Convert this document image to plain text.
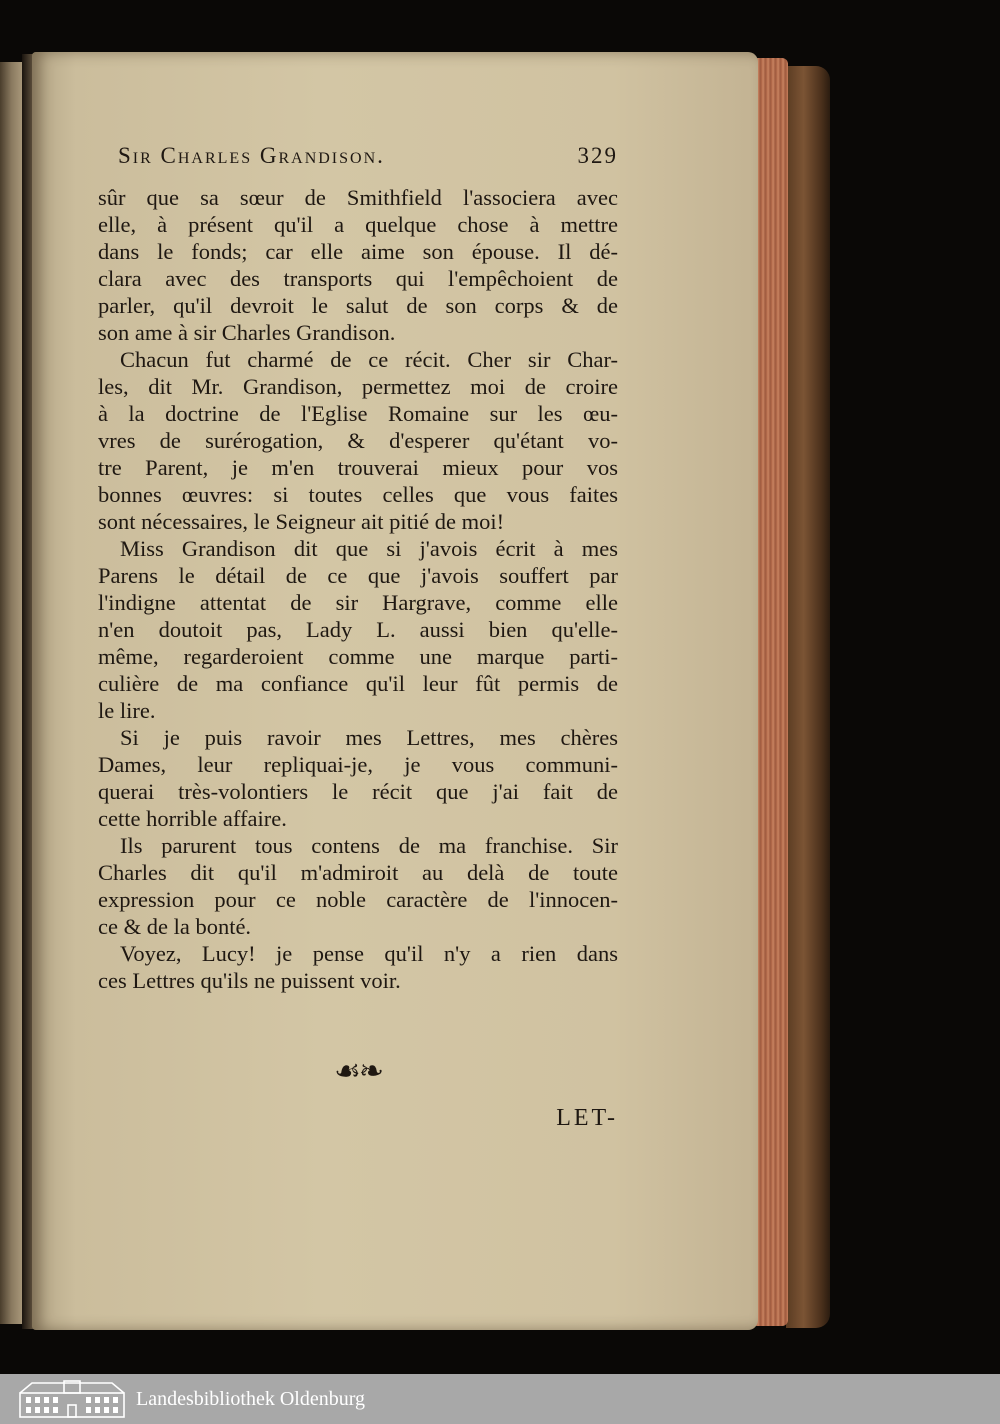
Sir Charles Grandison.	329
sûr que sa sœur de Smithfield l'associera avec
elle, à présent qu'il a quelque chose à mettre
dans le fonds; car elle aime son épouse. Il dé-
clara avec des transports qui l'empêchoient de
parler, qu'il devroit le salut de son corps & de
son ame à sir Charles Grandison.
Chacun fut charmé de ce récit. Cher sir Char-
les, dit Mr. Grandison, permettez moi de croire
à la doctrine de l'Eglise Romaine sur les œu-
vres de surérogation, & d'esperer qu'étant vo-
tre Parent, je m'en trouverai mieux pour vos
bonnes œuvres: si toutes celles que vous faites
sont nécessaires, le Seigneur ait pitié de moi!
Miss Grandison dit que si j'avois écrit à mes
Parens le détail de ce que j'avois souffert par
l'indigne attentat de sir Hargrave, comme elle
n'en doutoit pas, Lady L. aussi bien qu'elle-
même, regarderoient comme une marque parti-
culière de ma confiance qu'il leur fût permis de
le lire.
Si je puis ravoir mes Lettres, mes chères
Dames, leur repliquai-je, je vous communi-
querai très-volontiers le récit que j'ai fait de
cette horrible affaire.
Ils parurent tous contens de ma franchise. Sir
Charles dit qu'il m'admiroit au delà de toute
expression pour ce noble caractère de l'innocen-
ce & de la bonté.
Voyez, Lucy! je pense qu'il n'y a rien dans
ces Lettres qu'ils ne puissent voir.
☙❧
LET-
Landesbibliothek Oldenburg
